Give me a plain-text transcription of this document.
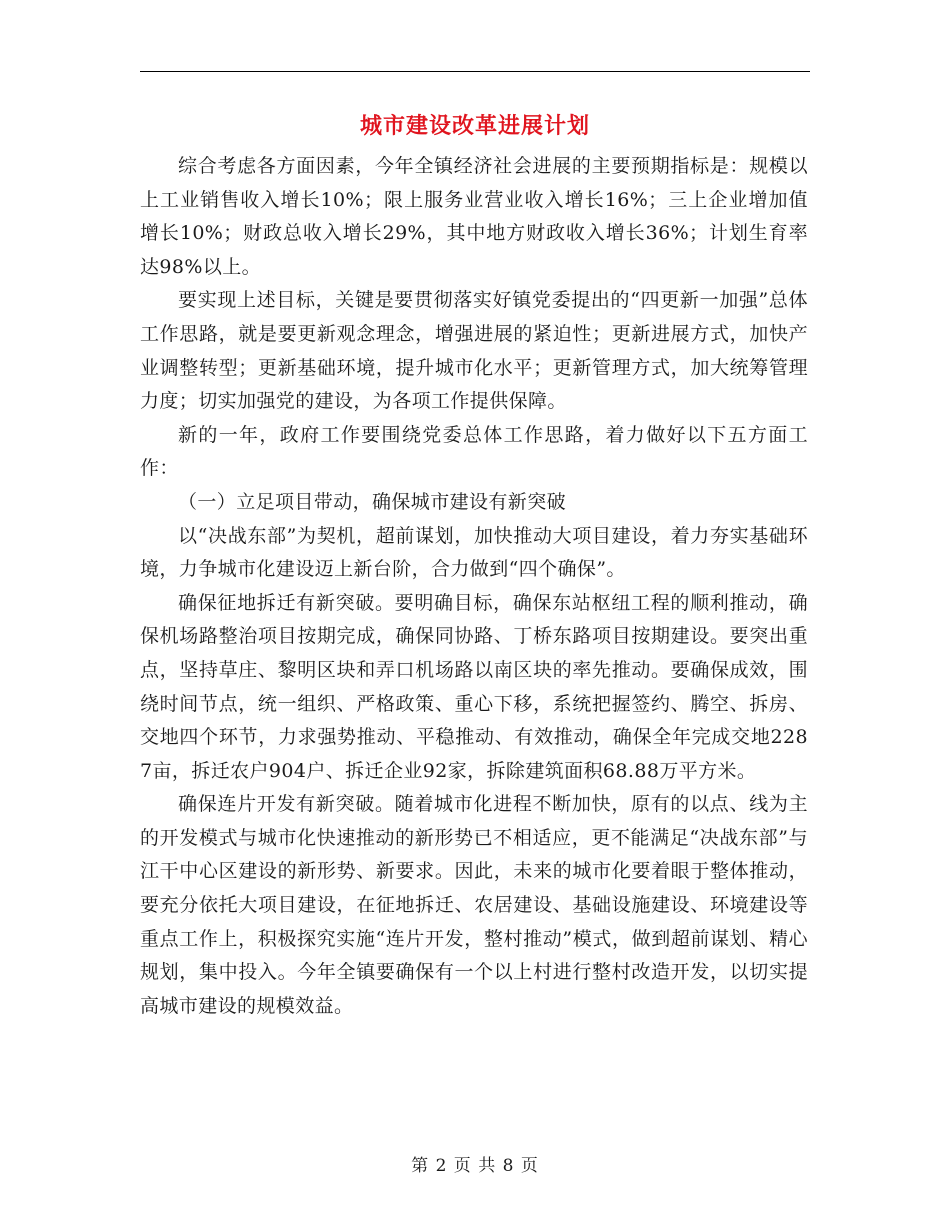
城市建设改革进展计划

综合考虑各方面因素，今年全镇经济社会进展的主要预期指标是：规模以上工业销售收入增长10%；限上服务业营业收入增长16%；三上企业增加值增长10%；财政总收入增长29%，其中地方财政收入增长36%；计划生育率达98%以上。

要实现上述目标，关键是要贯彻落实好镇党委提出的“四更新一加强”总体工作思路，就是要更新观念理念，增强进展的紧迫性；更新进展方式，加快产业调整转型；更新基础环境，提升城市化水平；更新管理方式，加大统筹管理力度；切实加强党的建设，为各项工作提供保障。

新的一年，政府工作要围绕党委总体工作思路，着力做好以下五方面工作：

（一）立足项目带动，确保城市建设有新突破

以“决战东部”为契机，超前谋划，加快推动大项目建设，着力夯实基础环境，力争城市化建设迈上新台阶，合力做到“四个确保”。

确保征地拆迁有新突破。要明确目标，确保东站枢纽工程的顺利推动，确保机场路整治项目按期完成，确保同协路、丁桥东路项目按期建设。要突出重点，坚持草庄、黎明区块和弄口机场路以南区块的率先推动。要确保成效，围绕时间节点，统一组织、严格政策、重心下移，系统把握签约、腾空、拆房、交地四个环节，力求强势推动、平稳推动、有效推动，确保全年完成交地2287亩，拆迁农户904户、拆迁企业92家，拆除建筑面积68.88万平方米。

确保连片开发有新突破。随着城市化进程不断加快，原有的以点、线为主的开发模式与城市化快速推动的新形势已不相适应，更不能满足“决战东部”与江干中心区建设的新形势、新要求。因此，未来的城市化要着眼于整体推动，要充分依托大项目建设，在征地拆迁、农居建设、基础设施建设、环境建设等重点工作上，积极探究实施“连片开发，整村推动”模式，做到超前谋划、精心规划，集中投入。今年全镇要确保有一个以上村进行整村改造开发，以切实提高城市建设的规模效益。

第 2 页 共 8 页
